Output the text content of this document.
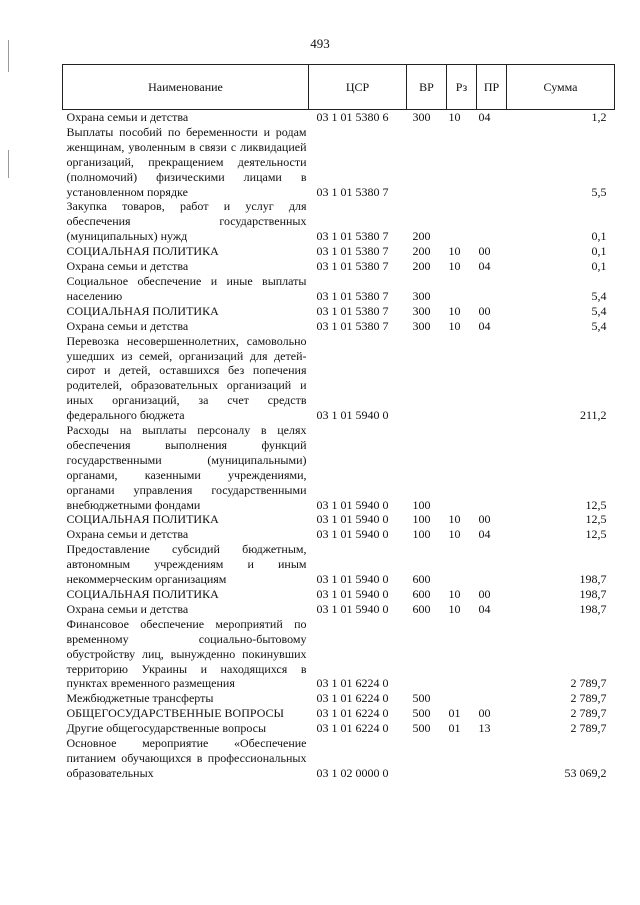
493
Наименование	ЦСР	ВР	Рз	ПР	Сумма
Охрана семьи и детства	03 1 01 5380 6	300	10	04	1,2
Выплаты пособий по беременности и родам женщинам, уволенным в связи с ликвидацией организаций, прекращением деятельности (полномочий) физическими лицами в установленном порядке	03 1 01 5380 7				5,5
Закупка товаров, работ и услуг для обеспечения государственных (муниципальных) нужд	03 1 01 5380 7	200			0,1
СОЦИАЛЬНАЯ ПОЛИТИКА	03 1 01 5380 7	200	10	00	0,1
Охрана семьи и детства	03 1 01 5380 7	200	10	04	0,1
Социальное обеспечение и иные выплаты населению	03 1 01 5380 7	300			5,4
СОЦИАЛЬНАЯ ПОЛИТИКА	03 1 01 5380 7	300	10	00	5,4
Охрана семьи и детства	03 1 01 5380 7	300	10	04	5,4
Перевозка несовершеннолетних, самовольно ушедших из семей, организаций для детей-сирот и детей, оставшихся без попечения родителей, образовательных организаций и иных организаций, за счет средств федерального бюджета	03 1 01 5940 0				211,2
Расходы на выплаты персоналу в целях обеспечения выполнения функций государственными (муниципальными) органами, казенными учреждениями, органами управления государственными внебюджетными фондами	03 1 01 5940 0	100			12,5
СОЦИАЛЬНАЯ ПОЛИТИКА	03 1 01 5940 0	100	10	00	12,5
Охрана семьи и детства	03 1 01 5940 0	100	10	04	12,5
Предоставление субсидий бюджетным, автономным учреждениям и иным некоммерческим организациям	03 1 01 5940 0	600			198,7
СОЦИАЛЬНАЯ ПОЛИТИКА	03 1 01 5940 0	600	10	00	198,7
Охрана семьи и детства	03 1 01 5940 0	600	10	04	198,7
Финансовое обеспечение мероприятий по временному социально-бытовому обустройству лиц, вынужденно покинувших территорию Украины и находящихся в пунктах временного размещения	03 1 01 6224 0				2 789,7
Межбюджетные трансферты	03 1 01 6224 0	500			2 789,7
ОБЩЕГОСУДАРСТВЕННЫЕ ВОПРОСЫ	03 1 01 6224 0	500	01	00	2 789,7
Другие общегосударственные вопросы	03 1 01 6224 0	500	01	13	2 789,7
Основное мероприятие «Обеспечение питанием обучающихся в профессиональных образовательных	03 1 02 0000 0				53 069,2
